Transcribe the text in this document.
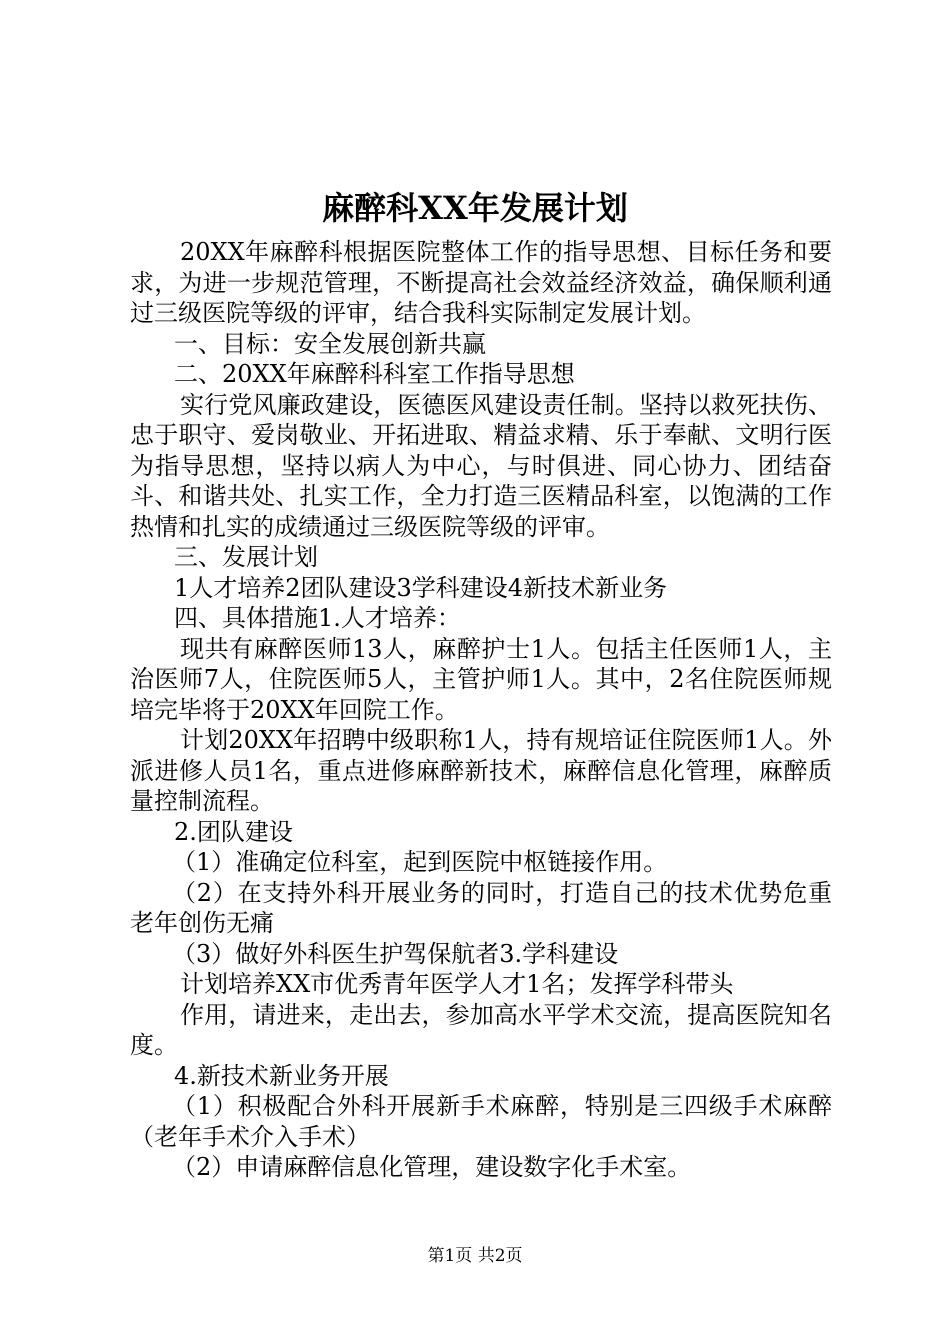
麻醉科XX年发展计划

20XX年麻醉科根据医院整体工作的指导思想、目标任务和要求，为进一步规范管理，不断提高社会效益经济效益，确保顺利通过三级医院等级的评审，结合我科实际制定发展计划。

一、目标：安全发展创新共赢

二、20XX年麻醉科科室工作指导思想

实行党风廉政建设，医德医风建设责任制。坚持以救死扶伤、忠于职守、爱岗敬业、开拓进取、精益求精、乐于奉献、文明行医为指导思想，坚持以病人为中心，与时俱进、同心协力、团结奋斗、和谐共处、扎实工作，全力打造三医精品科室，以饱满的工作热情和扎实的成绩通过三级医院等级的评审。

三、发展计划

1人才培养2团队建设3学科建设4新技术新业务

四、具体措施1.人才培养：

现共有麻醉医师13人，麻醉护士1人。包括主任医师1人，主治医师7人，住院医师5人，主管护师1人。其中，2名住院医师规培完毕将于20XX年回院工作。

计划20XX年招聘中级职称1人，持有规培证住院医师1人。外派进修人员1名，重点进修麻醉新技术，麻醉信息化管理，麻醉质量控制流程。

2.团队建设

（1）准确定位科室，起到医院中枢链接作用。

（2）在支持外科开展业务的同时，打造自己的技术优势危重老年创伤无痛

（3）做好外科医生护驾保航者3.学科建设

计划培养XX市优秀青年医学人才1名；发挥学科带头

作用，请进来，走出去，参加高水平学术交流，提高医院知名度。

4.新技术新业务开展

（1）积极配合外科开展新手术麻醉，特别是三四级手术麻醉（老年手术介入手术）

（2）申请麻醉信息化管理，建设数字化手术室。

第1页 共2页
